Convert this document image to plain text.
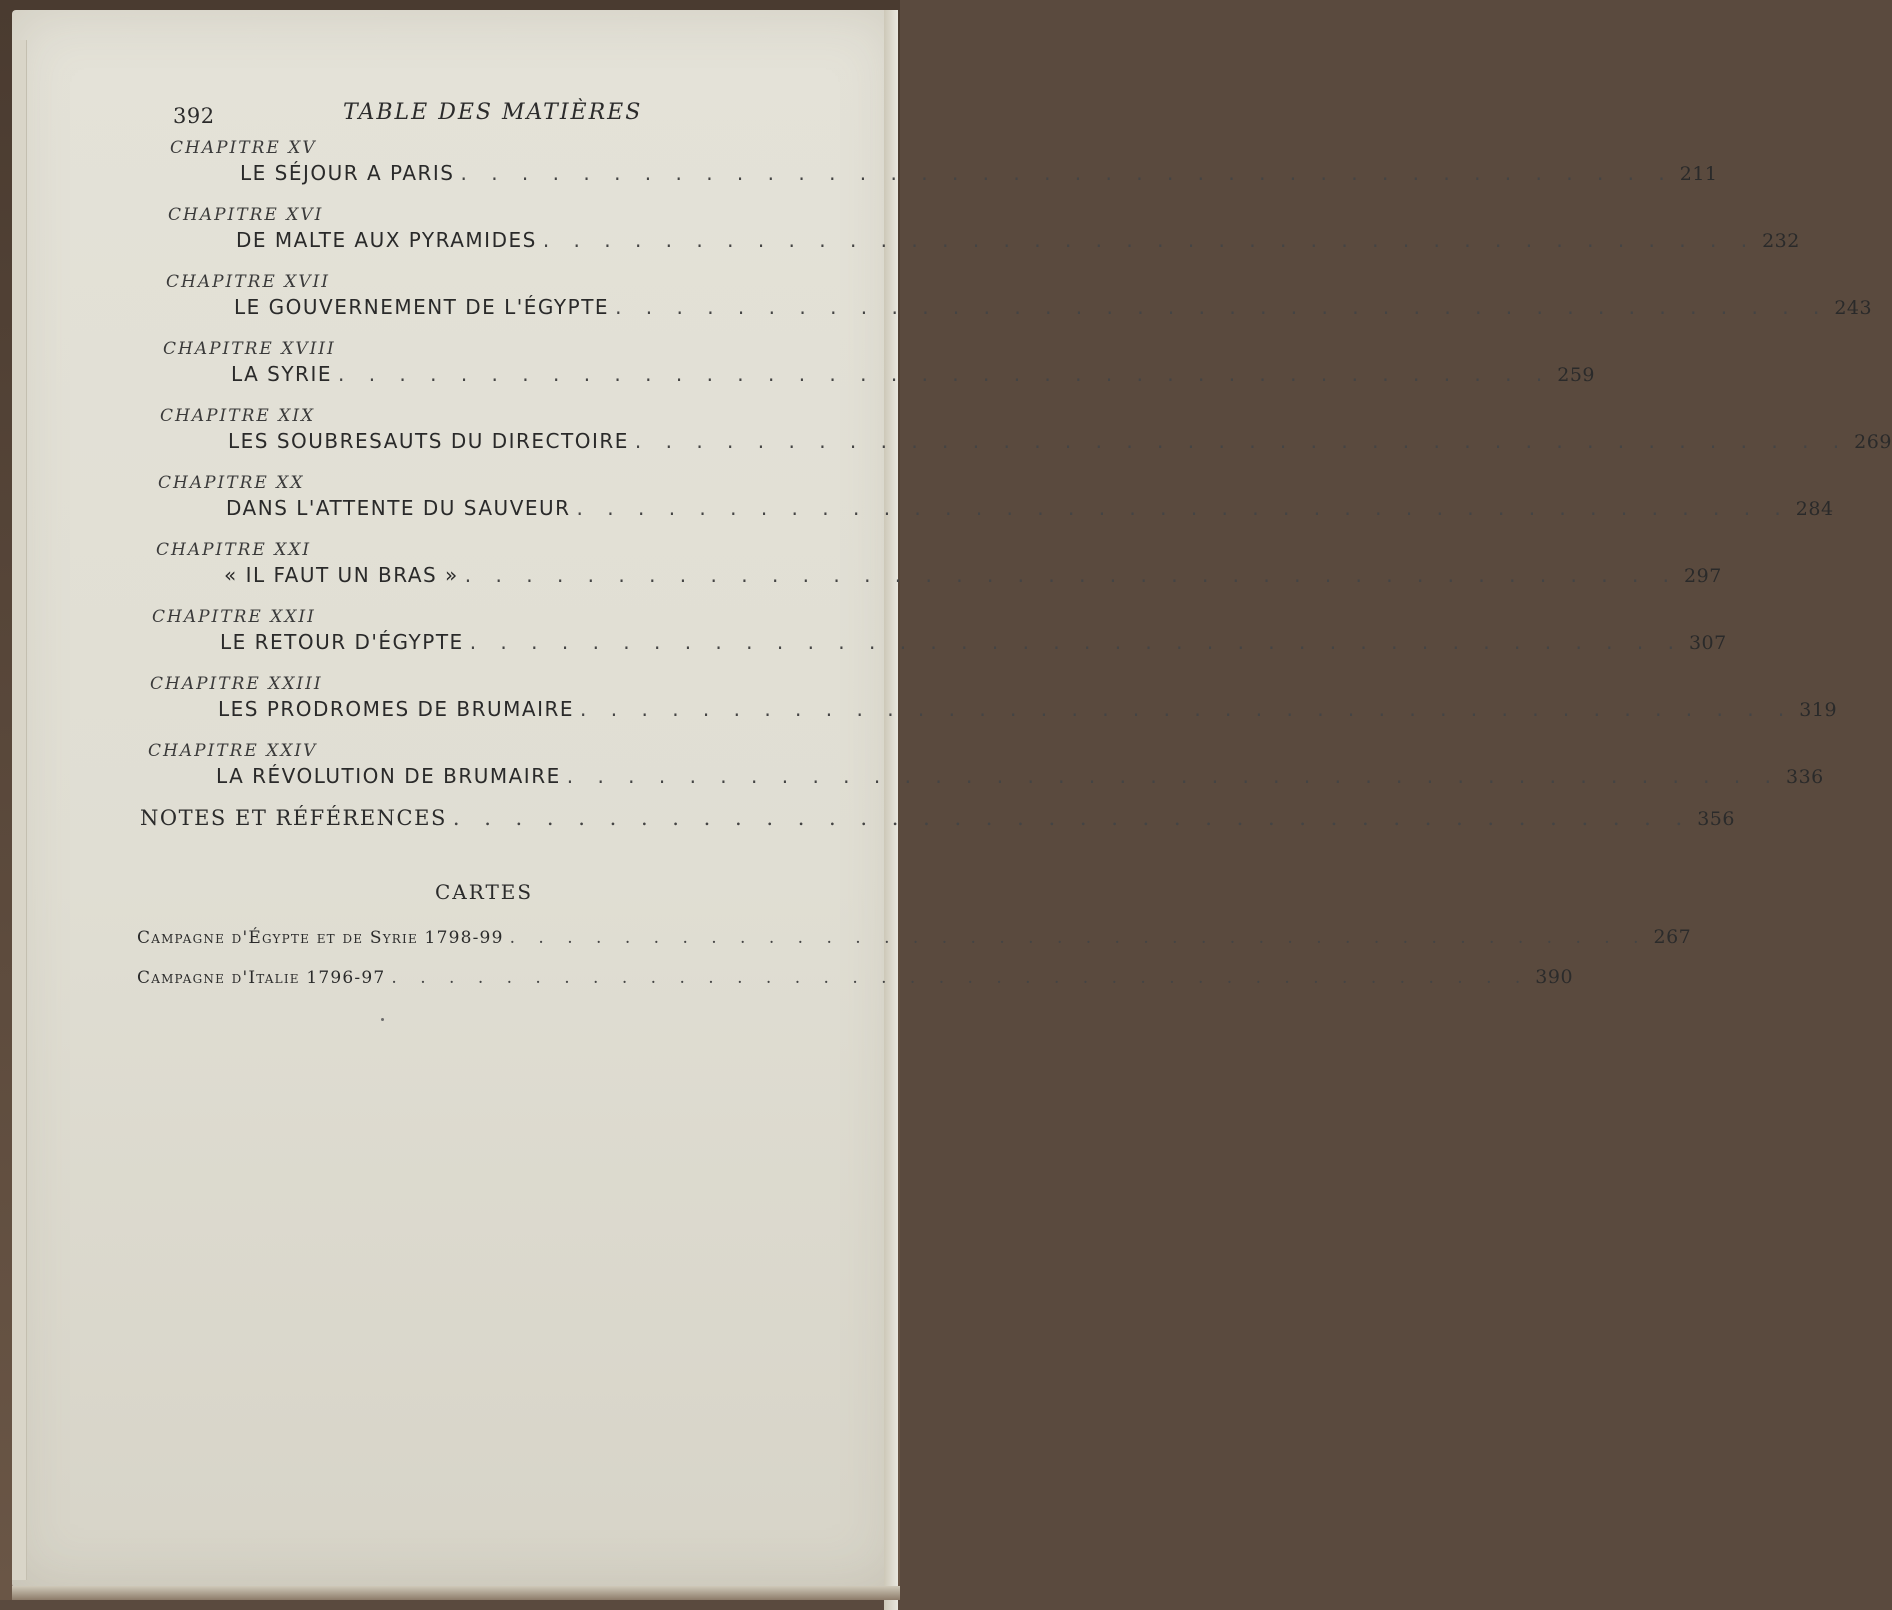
392	TABLE DES MATIÈRES
CHAPITRE XV
LE SÉJOUR A PARIS . . . . . . . . . . . . . . . . . . . . . . . . . . . . . . . . . . . . . . . . 211
CHAPITRE XVI
DE MALTE AUX PYRAMIDES . . . . . . . . . . . . . . . . . . . . . . . . . . . . . . . . . . . . . . . . 232
CHAPITRE XVII
LE GOUVERNEMENT DE L'ÉGYPTE . . . . . . . . . . . . . . . . . . . . . . . . . . . . . . . . . . . . . . . . 243
CHAPITRE XVIII
LA SYRIE . . . . . . . . . . . . . . . . . . . . . . . . . . . . . . . . . . . . . . . . 259
CHAPITRE XIX
LES SOUBRESAUTS DU DIRECTOIRE . . . . . . . . . . . . . . . . . . . . . . . . . . . . . . . . . . . . . . . . 269
CHAPITRE XX
DANS L'ATTENTE DU SAUVEUR . . . . . . . . . . . . . . . . . . . . . . . . . . . . . . . . . . . . . . . . 284
CHAPITRE XXI
« IL FAUT UN BRAS » . . . . . . . . . . . . . . . . . . . . . . . . . . . . . . . . . . . . . . . . 297
CHAPITRE XXII
LE RETOUR D'ÉGYPTE . . . . . . . . . . . . . . . . . . . . . . . . . . . . . . . . . . . . . . . . 307
CHAPITRE XXIII
LES PRODROMES DE BRUMAIRE . . . . . . . . . . . . . . . . . . . . . . . . . . . . . . . . . . . . . . . . 319
CHAPITRE XXIV
LA RÉVOLUTION DE BRUMAIRE . . . . . . . . . . . . . . . . . . . . . . . . . . . . . . . . . . . . . . . . 336
NOTES ET RÉFÉRENCES . . . . . . . . . . . . . . . . . . . . . . . . . . . . . . . . . . . . . . . . 356
CARTES
Campagne d'Égypte et de Syrie 1798-99 . . . . . . . . . . . . . . . . . . . . . . . . . . . . . . . . . . . . . . . . 267
Campagne d'Italie 1796-97 . . . . . . . . . . . . . . . . . . . . . . . . . . . . . . . . . . . . . . . . 390
